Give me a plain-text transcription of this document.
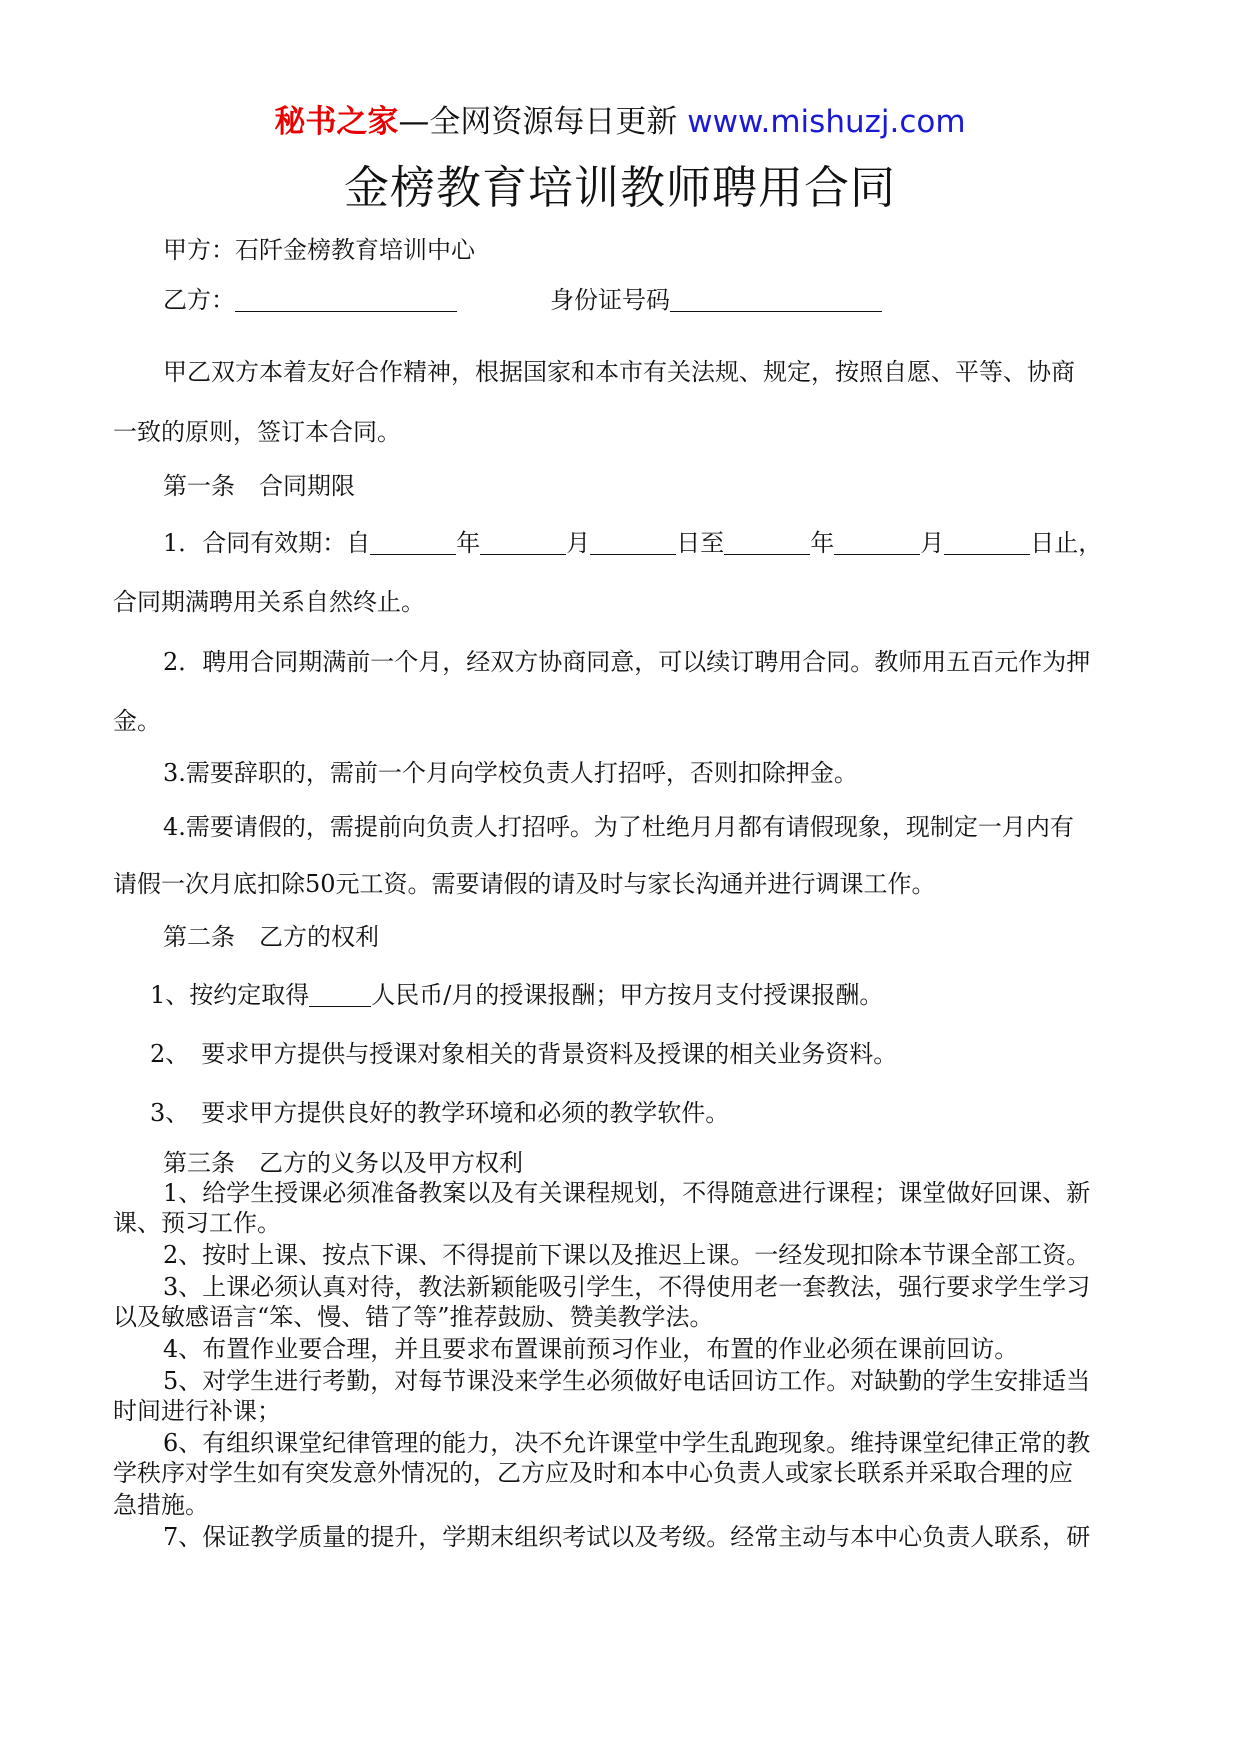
秘书之家—全网资源每日更新 www.mishuzj.com
金榜教育培训教师聘用合同
甲方：石阡金榜教育培训中心
乙方：	身份证号码
甲乙双方本着友好合作精神，根据国家和本市有关法规、规定，按照自愿、平等、协商
一致的原则，签订本合同。
第一条　合同期限
1．合同有效期：自	年	月	日至	年	月	日止，
合同期满聘用关系自然终止。
2．聘用合同期满前一个月，经双方协商同意，可以续订聘用合同。教师用五百元作为押
金。
3.需要辞职的，需前一个月向学校负责人打招呼，否则扣除押金。
4.需要请假的，需提前向负责人打招呼。为了杜绝月月都有请假现象，现制定一月内有
请假一次月底扣除50元工资。需要请假的请及时与家长沟通并进行调课工作。
第二条　乙方的权利
1、按约定取得	人民币/月的授课报酬；甲方按月支付授课报酬。
2、　要求甲方提供与授课对象相关的背景资料及授课的相关业务资料。
3、　要求甲方提供良好的教学环境和必须的教学软件。
第三条　乙方的义务以及甲方权利
1、给学生授课必须准备教案以及有关课程规划，不得随意进行课程；课堂做好回课、新
课、预习工作。
2、按时上课、按点下课、不得提前下课以及推迟上课。一经发现扣除本节课全部工资。
3、上课必须认真对待，教法新颖能吸引学生，不得使用老一套教法，强行要求学生学习
以及敏感语言“笨、慢、错了等”推荐鼓励、赞美教学法。
4、布置作业要合理，并且要求布置课前预习作业，布置的作业必须在课前回访。
5、对学生进行考勤，对每节课没来学生必须做好电话回访工作。对缺勤的学生安排适当
时间进行补课；
6、有组织课堂纪律管理的能力，决不允许课堂中学生乱跑现象。维持课堂纪律正常的教
学秩序对学生如有突发意外情况的，乙方应及时和本中心负责人或家长联系并采取合理的应
急措施。
7、保证教学质量的提升，学期末组织考试以及考级。经常主动与本中心负责人联系，研
